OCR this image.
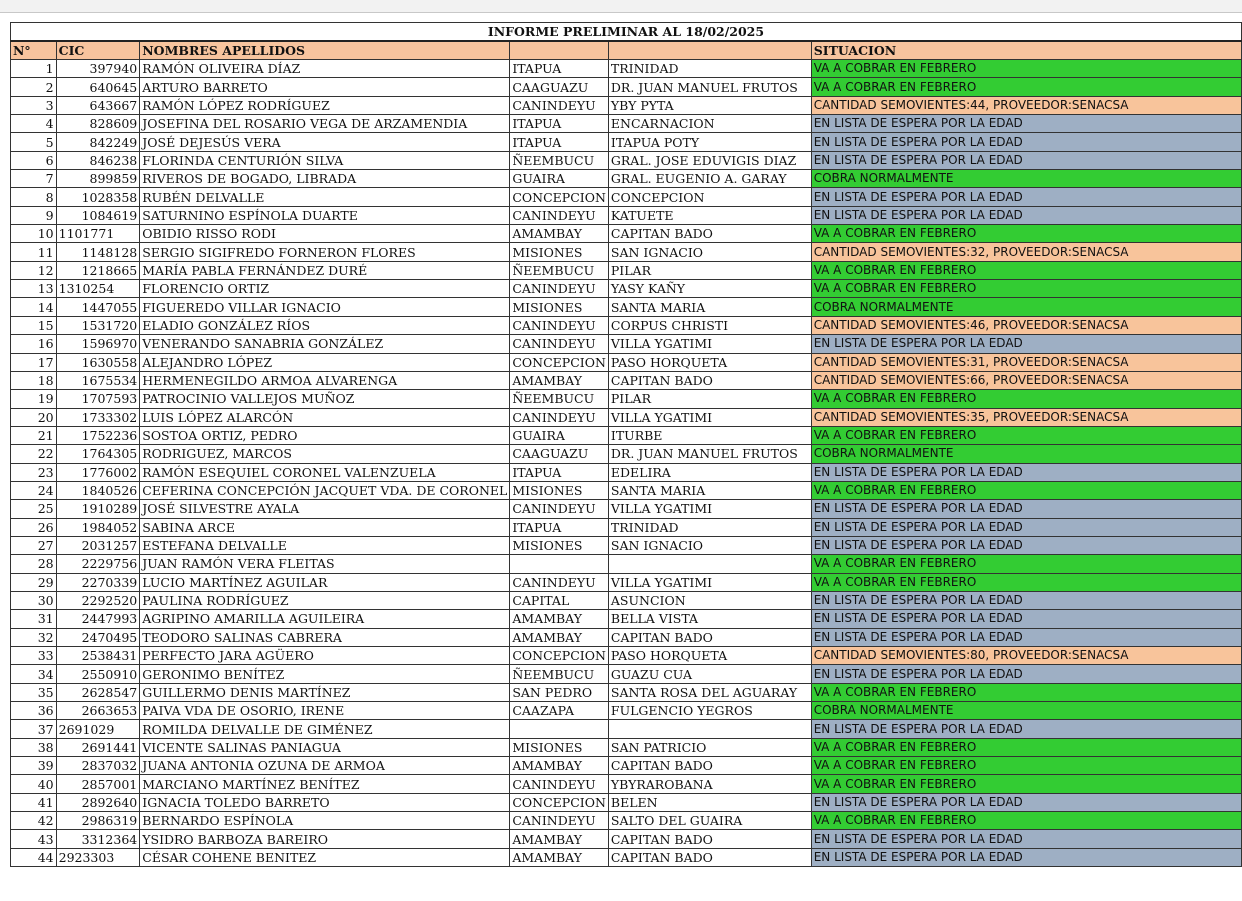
INFORME PRELIMINAR AL 18/02/2025					
N°	CIC	NOMBRES APELLIDOS			SITUACION
1	397940	RAMÓN OLIVEIRA DÍAZ	ITAPUA	TRINIDAD	VA A COBRAR EN FEBRERO
2	640645	ARTURO BARRETO	CAAGUAZU	DR. JUAN MANUEL FRUTOS	VA A COBRAR EN FEBRERO
3	643667	RAMÓN LÓPEZ RODRÍGUEZ	CANINDEYU	YBY PYTA	CANTIDAD SEMOVIENTES:44, PROVEEDOR:SENACSA
4	828609	JOSEFINA DEL ROSARIO VEGA DE ARZAMENDIA	ITAPUA	ENCARNACION	EN LISTA DE ESPERA POR LA EDAD
5	842249	JOSÉ DEJESÚS VERA	ITAPUA	ITAPUA POTY	EN LISTA DE ESPERA POR LA EDAD
6	846238	FLORINDA CENTURIÓN SILVA	ÑEEMBUCU	GRAL. JOSE EDUVIGIS DIAZ	EN LISTA DE ESPERA POR LA EDAD
7	899859	RIVEROS DE BOGADO, LIBRADA	GUAIRA	GRAL. EUGENIO A. GARAY	COBRA NORMALMENTE
8	1028358	RUBÉN DELVALLE	CONCEPCION	CONCEPCION	EN LISTA DE ESPERA POR LA EDAD
9	1084619	SATURNINO ESPÍNOLA DUARTE	CANINDEYU	KATUETE	EN LISTA DE ESPERA POR LA EDAD
10	1101771	OBIDIO RISSO RODI	AMAMBAY	CAPITAN BADO	VA A COBRAR EN FEBRERO
11	1148128	SERGIO SIGIFREDO FORNERON FLORES	MISIONES	SAN IGNACIO	CANTIDAD SEMOVIENTES:32, PROVEEDOR:SENACSA
12	1218665	MARÍA PABLA FERNÁNDEZ DURÉ	ÑEEMBUCU	PILAR	VA A COBRAR EN FEBRERO
13	1310254	FLORENCIO ORTIZ	CANINDEYU	YASY KAÑY	VA A COBRAR EN FEBRERO
14	1447055	FIGUEREDO VILLAR IGNACIO	MISIONES	SANTA MARIA	COBRA NORMALMENTE
15	1531720	ELADIO GONZÁLEZ RÍOS	CANINDEYU	CORPUS CHRISTI	CANTIDAD SEMOVIENTES:46, PROVEEDOR:SENACSA
16	1596970	VENERANDO SANABRIA GONZÁLEZ	CANINDEYU	VILLA YGATIMI	EN LISTA DE ESPERA POR LA EDAD
17	1630558	ALEJANDRO LÓPEZ	CONCEPCION	PASO HORQUETA	CANTIDAD SEMOVIENTES:31, PROVEEDOR:SENACSA
18	1675534	HERMENEGILDO ARMOA ALVARENGA	AMAMBAY	CAPITAN BADO	CANTIDAD SEMOVIENTES:66, PROVEEDOR:SENACSA
19	1707593	PATROCINIO VALLEJOS MUÑOZ	ÑEEMBUCU	PILAR	VA A COBRAR EN FEBRERO
20	1733302	LUIS LÓPEZ ALARCÓN	CANINDEYU	VILLA YGATIMI	CANTIDAD SEMOVIENTES:35, PROVEEDOR:SENACSA
21	1752236	SOSTOA ORTIZ, PEDRO	GUAIRA	ITURBE	VA A COBRAR EN FEBRERO
22	1764305	RODRIGUEZ, MARCOS	CAAGUAZU	DR. JUAN MANUEL FRUTOS	COBRA NORMALMENTE
23	1776002	RAMÓN ESEQUIEL CORONEL VALENZUELA	ITAPUA	EDELIRA	EN LISTA DE ESPERA POR LA EDAD
24	1840526	CEFERINA CONCEPCIÓN JACQUET VDA. DE CORONEL	MISIONES	SANTA MARIA	VA A COBRAR EN FEBRERO
25	1910289	JOSÉ SILVESTRE AYALA	CANINDEYU	VILLA YGATIMI	EN LISTA DE ESPERA POR LA EDAD
26	1984052	SABINA ARCE	ITAPUA	TRINIDAD	EN LISTA DE ESPERA POR LA EDAD
27	2031257	ESTEFANA DELVALLE	MISIONES	SAN IGNACIO	EN LISTA DE ESPERA POR LA EDAD
28	2229756	JUAN RAMÓN VERA FLEITAS			VA A COBRAR EN FEBRERO
29	2270339	LUCIO MARTÍNEZ AGUILAR	CANINDEYU	VILLA YGATIMI	VA A COBRAR EN FEBRERO
30	2292520	PAULINA RODRÍGUEZ	CAPITAL	ASUNCION	EN LISTA DE ESPERA POR LA EDAD
31	2447993	AGRIPINO AMARILLA AGUILEIRA	AMAMBAY	BELLA VISTA	EN LISTA DE ESPERA POR LA EDAD
32	2470495	TEODORO SALINAS CABRERA	AMAMBAY	CAPITAN BADO	EN LISTA DE ESPERA POR LA EDAD
33	2538431	PERFECTO JARA AGÜERO	CONCEPCION	PASO HORQUETA	CANTIDAD SEMOVIENTES:80, PROVEEDOR:SENACSA
34	2550910	GERONIMO BENÍTEZ	ÑEEMBUCU	GUAZU CUA	EN LISTA DE ESPERA POR LA EDAD
35	2628547	GUILLERMO DENIS MARTÍNEZ	SAN PEDRO	SANTA ROSA DEL AGUARAY	VA A COBRAR EN FEBRERO
36	2663653	PAIVA VDA DE OSORIO, IRENE	CAAZAPA	FULGENCIO YEGROS	COBRA NORMALMENTE
37	2691029	ROMILDA DELVALLE DE GIMÉNEZ			EN LISTA DE ESPERA POR LA EDAD
38	2691441	VICENTE SALINAS PANIAGUA	MISIONES	SAN PATRICIO	VA A COBRAR EN FEBRERO
39	2837032	JUANA ANTONIA OZUNA DE ARMOA	AMAMBAY	CAPITAN BADO	VA A COBRAR EN FEBRERO
40	2857001	MARCIANO MARTÍNEZ BENÍTEZ	CANINDEYU	YBYRAROBANA	VA A COBRAR EN FEBRERO
41	2892640	IGNACIA TOLEDO BARRETO	CONCEPCION	BELEN	EN LISTA DE ESPERA POR LA EDAD
42	2986319	BERNARDO ESPÍNOLA	CANINDEYU	SALTO DEL GUAIRA	VA A COBRAR EN FEBRERO
43	3312364	YSIDRO BARBOZA BAREIRO	AMAMBAY	CAPITAN BADO	EN LISTA DE ESPERA POR LA EDAD
44	2923303	CÉSAR COHENE BENITEZ	AMAMBAY	CAPITAN BADO	EN LISTA DE ESPERA POR LA EDAD
